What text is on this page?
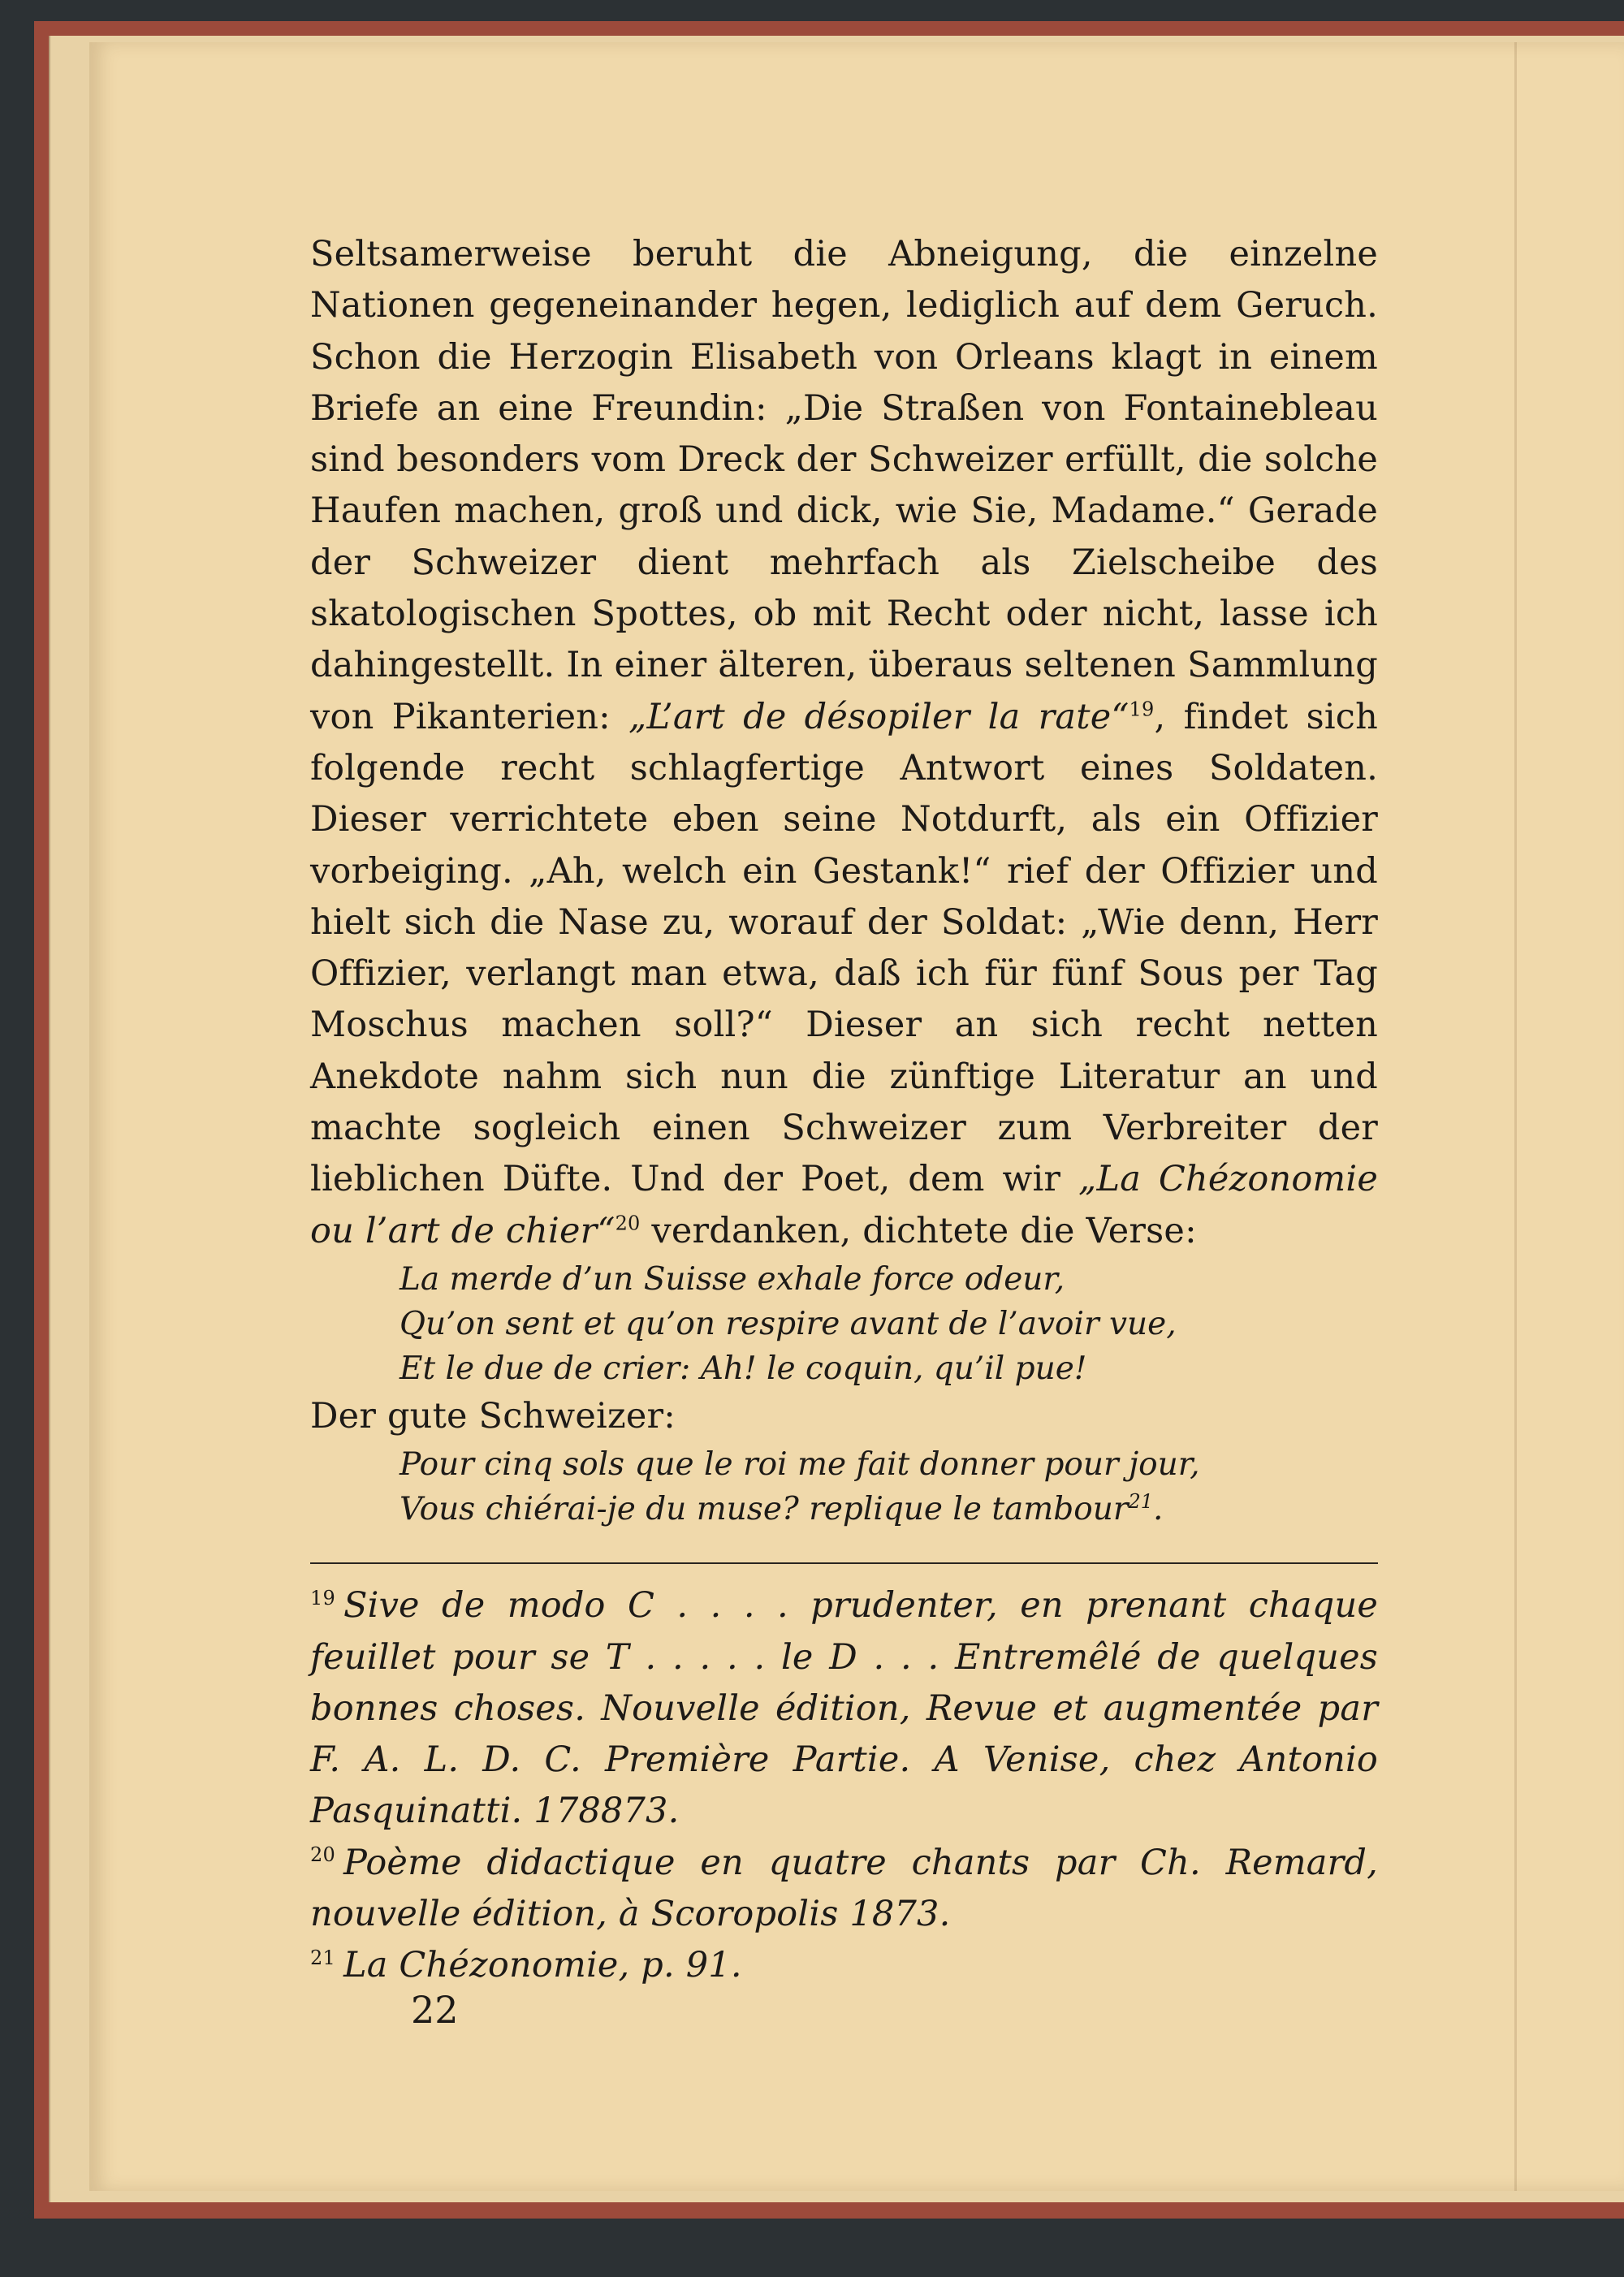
Seltsamerweise beruht die Abneigung, die einzelne Nationen gegeneinander hegen, lediglich auf dem Geruch. Schon die Herzogin Elisabeth von Orleans klagt in einem Briefe an eine Freundin: „Die Straßen von Fontainebleau sind besonders vom Dreck der Schweizer erfüllt, die solche Haufen machen, groß und dick, wie Sie, Madame.“ Gerade der Schweizer dient mehrfach als Zielscheibe des skatologischen Spottes, ob mit Recht oder nicht, lasse ich dahingestellt. In einer älteren, überaus seltenen Sammlung von Pikanterien: „L’art de désopiler la rate“$^{19}$, findet sich folgende recht schlagfertige Antwort eines Soldaten. Dieser verrichtete eben seine Notdurft, als ein Offizier vorbeiging. „Ah, welch ein Gestank!“ rief der Offizier und hielt sich die Nase zu, worauf der Soldat: „Wie denn, Herr Offizier, verlangt man etwa, daß ich für fünf Sous per Tag Moschus machen soll?“ Dieser an sich recht netten Anekdote nahm sich nun die zünftige Literatur an und machte sogleich einen Schweizer zum Verbreiter der lieblichen Düfte. Und der Poet, dem wir „La Chézonomie ou l’art de chier“$^{20}$ verdanken, dichtete die Verse:

La merde d’un Suisse exhale force odeur,
Qu’on sent et qu’on respire avant de l’avoir vue,
Et le due de crier: Ah! le coquin, qu’il pue!

Der gute Schweizer:

Pour cinq sols que le roi me fait donner pour jour,
Vous chiérai-je du muse? replique le tambour$^{21}$.

$^{19}$ Sive de modo C . . . . prudenter, en prenant chaque feuillet pour se T . . . . . le D . . . Entremêlé de quelques bonnes choses. Nouvelle édition, Revue et augmentée par F. A. L. D. C. Première Partie. A Venise, chez Antonio Pasquinatti. 178873.

$^{20}$ Poème didactique en quatre chants par Ch. Remard, nouvelle édition, à Scoropolis 1873.

$^{21}$ La Chézonomie, p. 91.

22
